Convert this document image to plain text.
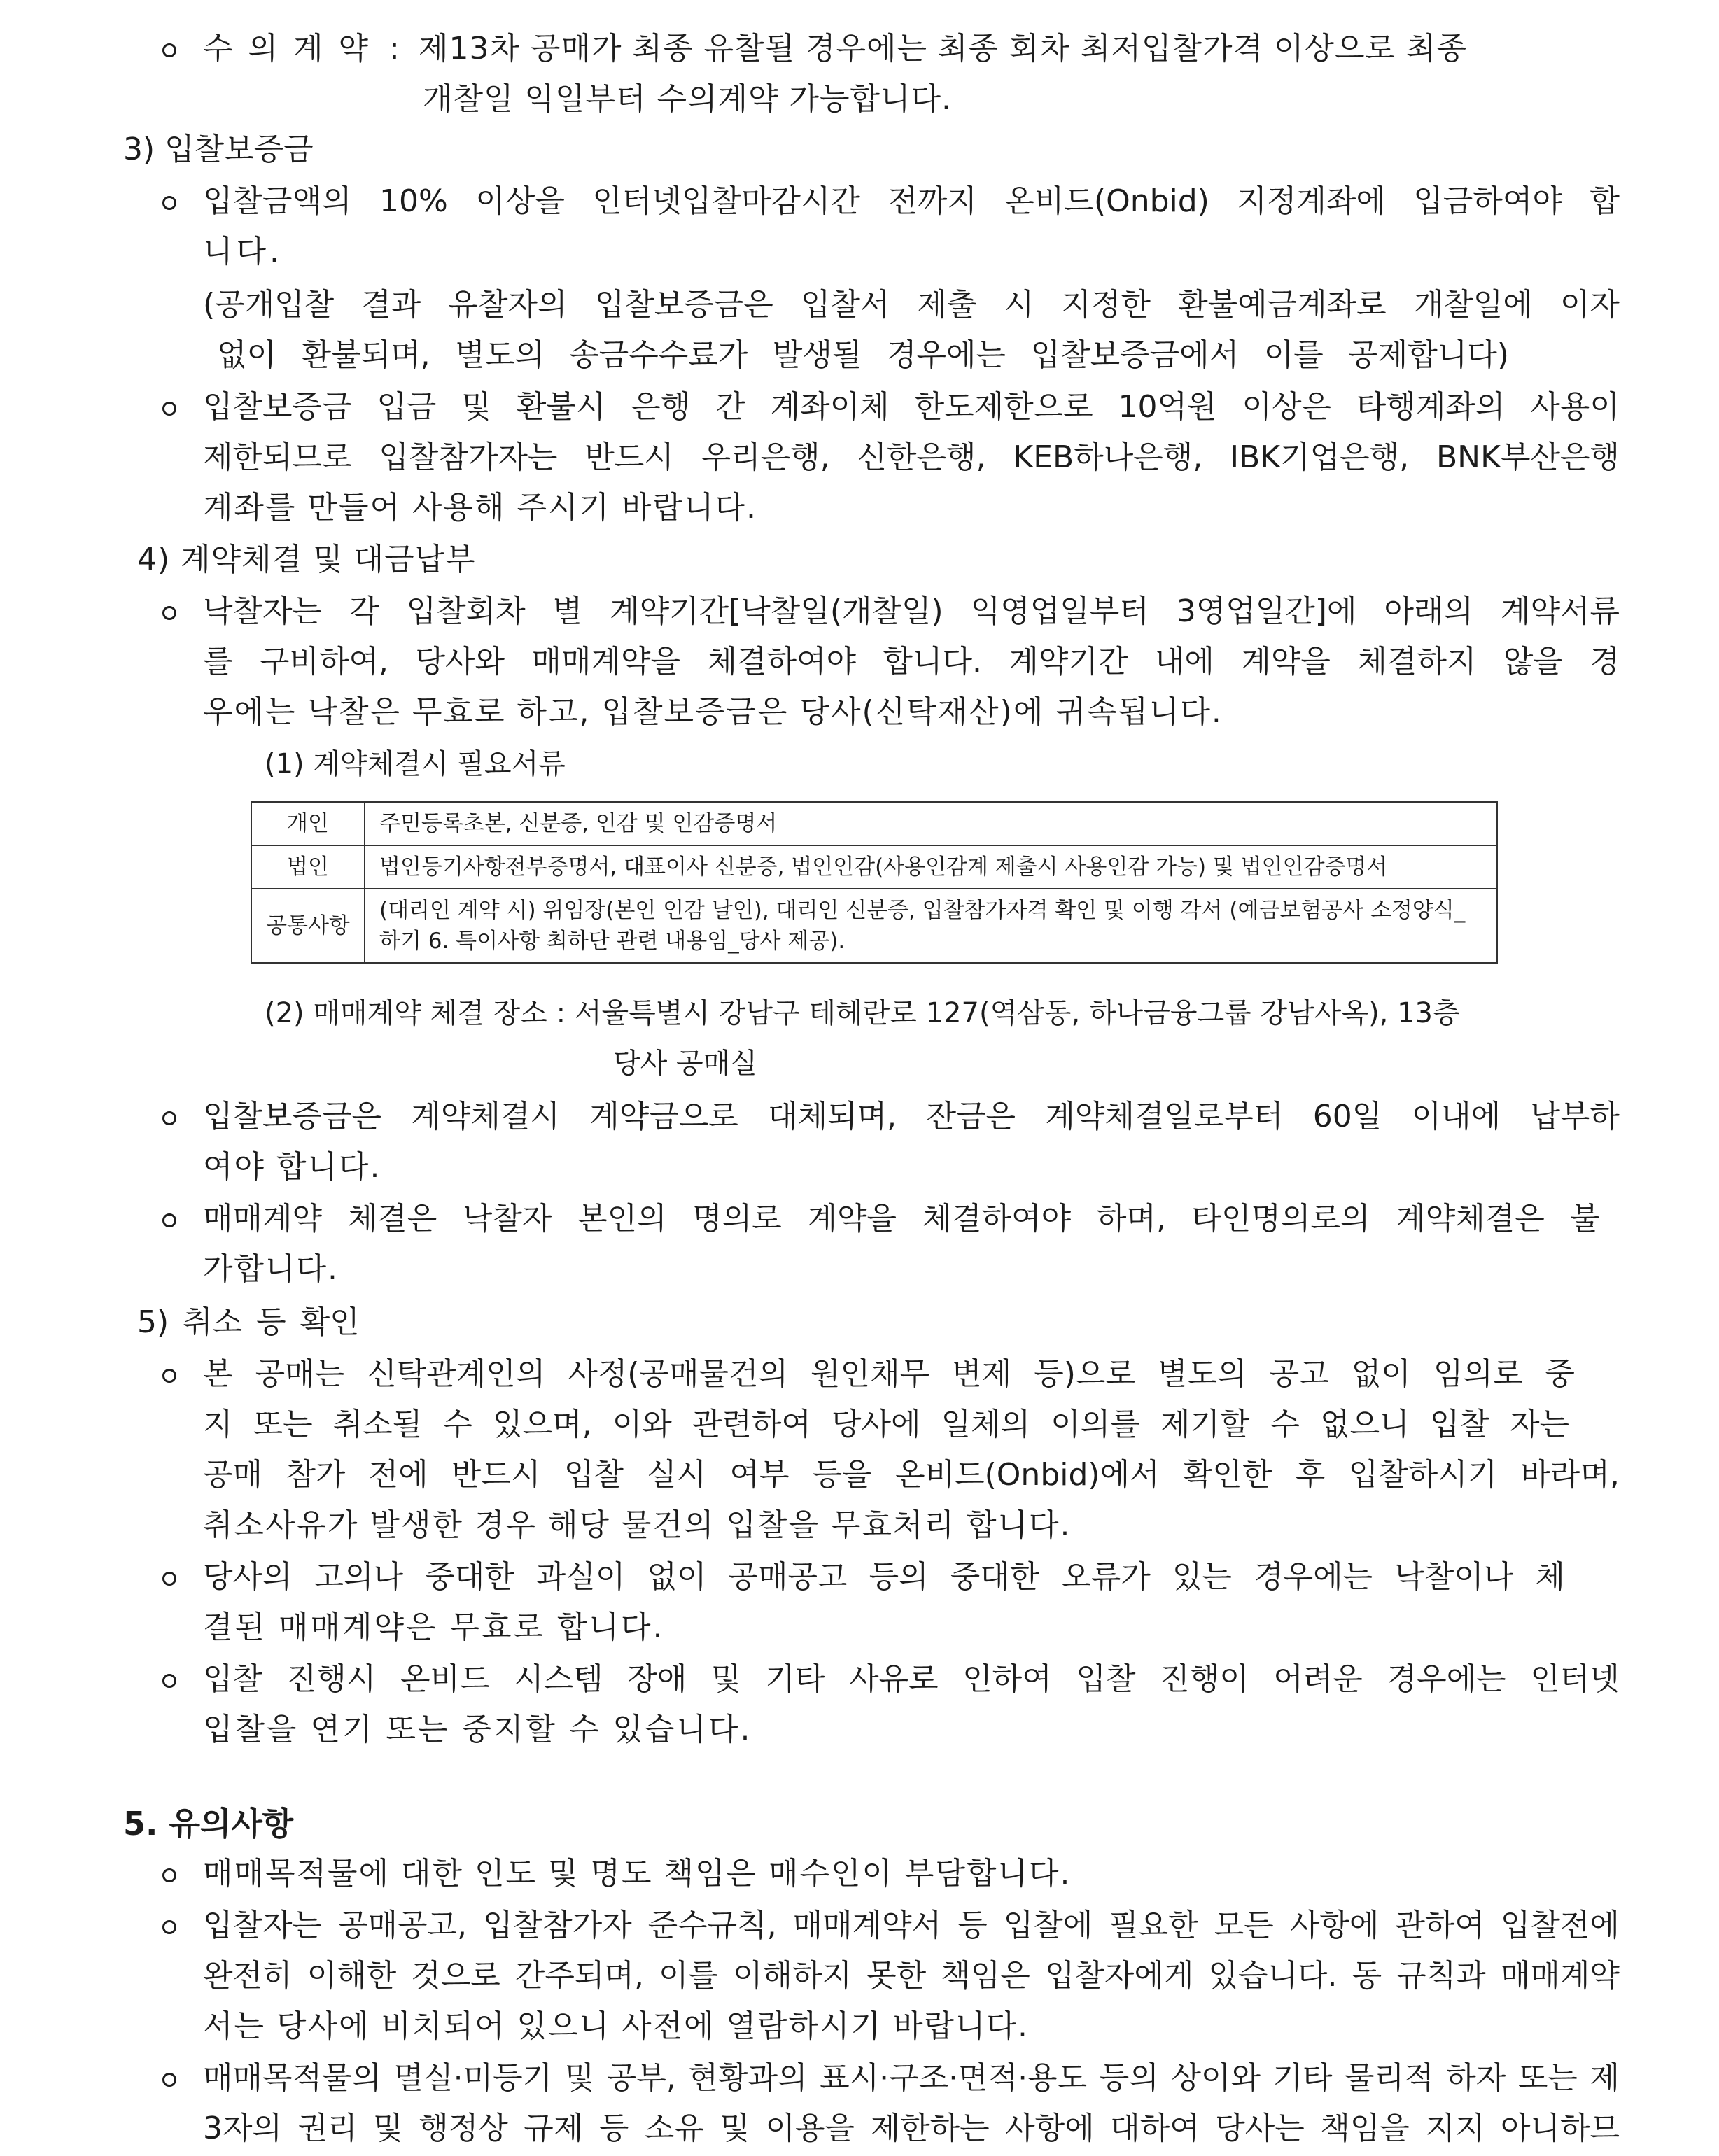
수 의 계 약 : 제13차 공매가 최종 유찰될 경우에는 최종 회차 최저입찰가격 이상으로 최종
개찰일 익일부터 수의계약 가능합니다.
3) 입찰보증금
입찰금액의 10% 이상을 인터넷입찰마감시간 전까지 온비드(Onbid) 지정계좌에 입금하여야 합
니다.
(공개입찰 결과 유찰자의 입찰보증금은 입찰서 제출 시 지정한 환불예금계좌로 개찰일에 이자
없이 환불되며, 별도의 송금수수료가 발생될 경우에는 입찰보증금에서 이를 공제합니다)
입찰보증금 입금 및 환불시 은행 간 계좌이체 한도제한으로 10억원 이상은 타행계좌의 사용이
제한되므로 입찰참가자는 반드시 우리은행, 신한은행, KEB하나은행, IBK기업은행, BNK부산은행
계좌를 만들어 사용해 주시기 바랍니다.
4) 계약체결 및 대금납부
낙찰자는 각 입찰회차 별 계약기간[낙찰일(개찰일) 익영업일부터 3영업일간]에 아래의 계약서류
를 구비하여, 당사와 매매계약을 체결하여야 합니다. 계약기간 내에 계약을 체결하지 않을 경
우에는 낙찰은 무효로 하고, 입찰보증금은 당사(신탁재산)에 귀속됩니다.
(1) 계약체결시 필요서류
개인	주민등록초본, 신분증, 인감 및 인감증명서
법인	법인등기사항전부증명서, 대표이사 신분증, 법인인감(사용인감계 제출시 사용인감 가능) 및 법인인감증명서
공통사항	(대리인 계약 시) 위임장(본인 인감 날인), 대리인 신분증, 입찰참가자격 확인 및 이행 각서 (예금보험공사 소정양식_하기 6. 특이사항 최하단 관련 내용임_당사 제공).
(2) 매매계약 체결 장소 : 서울특별시 강남구 테헤란로 127(역삼동, 하나금융그룹 강남사옥), 13층
당사 공매실
입찰보증금은 계약체결시 계약금으로 대체되며, 잔금은 계약체결일로부터 60일 이내에 납부하
여야 합니다.
매매계약 체결은 낙찰자 본인의 명의로 계약을 체결하여야 하며, 타인명의로의 계약체결은 불
가합니다.
5) 취소 등 확인
본 공매는 신탁관계인의 사정(공매물건의 원인채무 변제 등)으로 별도의 공고 없이 임의로 중
지 또는 취소될 수 있으며, 이와 관련하여 당사에 일체의 이의를 제기할 수 없으니 입찰 자는
공매 참가 전에 반드시 입찰 실시 여부 등을 온비드(Onbid)에서 확인한 후 입찰하시기 바라며,
취소사유가 발생한 경우 해당 물건의 입찰을 무효처리 합니다.
당사의 고의나 중대한 과실이 없이 공매공고 등의 중대한 오류가 있는 경우에는 낙찰이나 체
결된 매매계약은 무효로 합니다.
입찰 진행시 온비드 시스템 장애 및 기타 사유로 인하여 입찰 진행이 어려운 경우에는 인터넷
입찰을 연기 또는 중지할 수 있습니다.
5. 유의사항
매매목적물에 대한 인도 및 명도 책임은 매수인이 부담합니다.
입찰자는 공매공고, 입찰참가자 준수규칙, 매매계약서 등 입찰에 필요한 모든 사항에 관하여 입찰전에
완전히 이해한 것으로 간주되며, 이를 이해하지 못한 책임은 입찰자에게 있습니다. 동 규칙과 매매계약
서는 당사에 비치되어 있으니 사전에 열람하시기 바랍니다.
매매목적물의 멸실·미등기 및 공부, 현황과의 표시·구조·면적·용도 등의 상이와 기타 물리적 하자 또는 제
3자의 권리 및 행정상 규제 등 소유 및 이용을 제한하는 사항에 대하여 당사는 책임을 지지 아니하므
